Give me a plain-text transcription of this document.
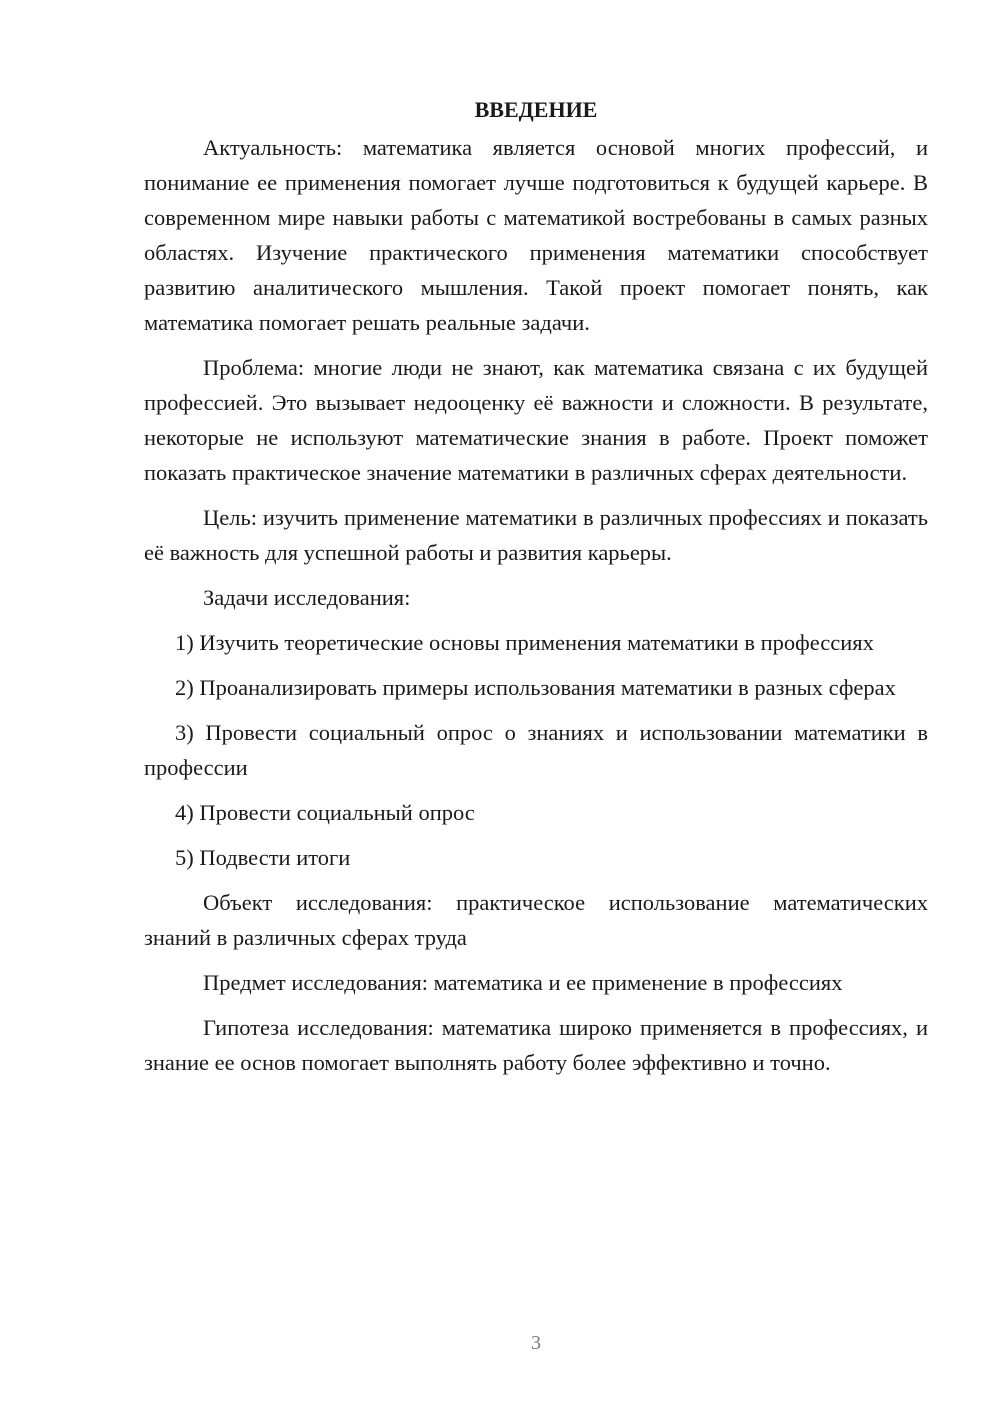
ВВЕДЕНИЕ

Актуальность: математика является основой многих профессий, и понимание ее применения помогает лучше подготовиться к будущей карьере. В современном мире навыки работы с математикой востребованы в самых разных областях. Изучение практического применения математики способствует развитию аналитического мышления. Такой проект помогает понять, как математика помогает решать реальные задачи.

Проблема: многие люди не знают, как математика связана с их будущей профессией. Это вызывает недооценку её важности и сложности. В результате, некоторые не используют математические знания в работе. Проект поможет показать практическое значение математики в различных сферах деятельности.

Цель: изучить применение математики в различных профессиях и показать её важность для успешной работы и развития карьеры.

Задачи исследования:

1) Изучить теоретические основы применения математики в профессиях

2) Проанализировать примеры использования математики в разных сферах

3) Провести социальный опрос о знаниях и использовании математики в профессии

4) Провести социальный опрос

5) Подвести итоги

Объект исследования: практическое использование математических знаний в различных сферах труда

Предмет исследования: математика и ее применение в профессиях

Гипотеза исследования: математика широко применяется в профессиях, и знание ее основ помогает выполнять работу более эффективно и точно.

3
